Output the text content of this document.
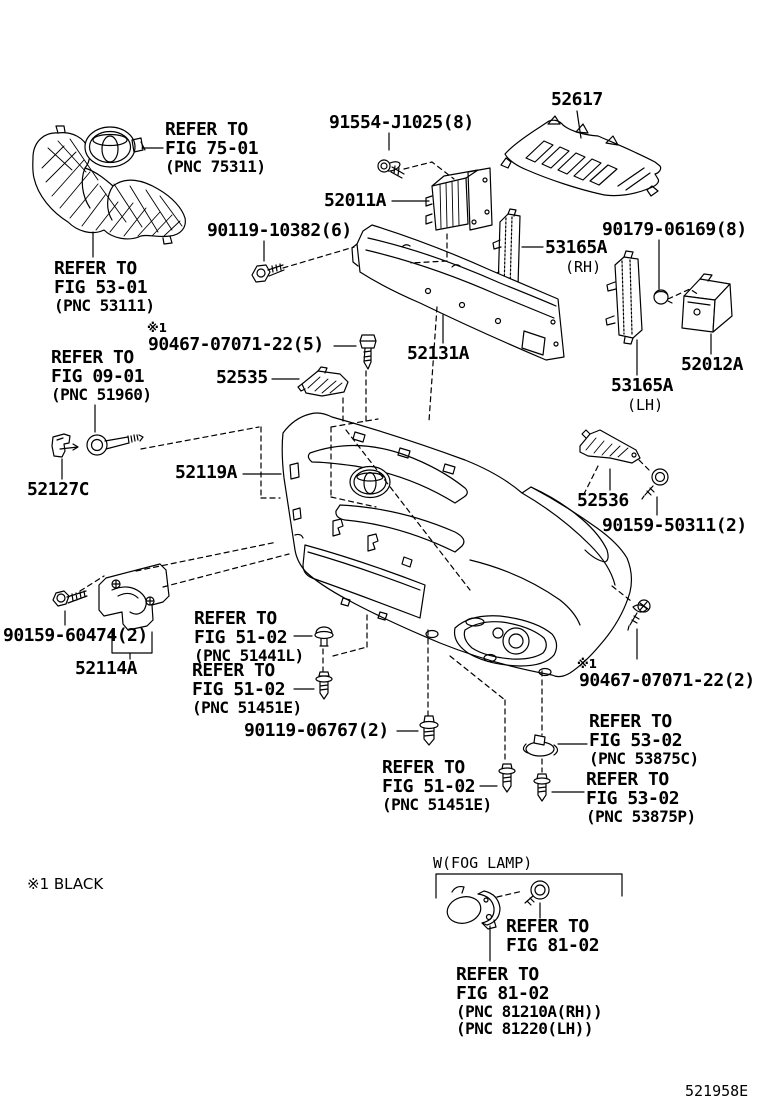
REFER TO
FIG 75-01
(PNC 75311)
91554-J1025(8)
52617
52011A
90119-10382(6)
53165A
(RH)
90179-06169(8)
REFER TO
FIG 53-01
(PNC 53111)
52131A
※1
90467-07071-22(5)
52535
REFER TO
FIG 09-01
(PNC 51960)	53165A
(LH)
52012A
52127C
52119A
52536
90159-50311(2)
90159-60474(2)
52114A
REFER TO
FIG 51-02
(PNC 51441L)
REFER TO
FIG 51-02
(PNC 51451E)
90119-06767(2)
※1
90467-07071-22(2)
REFER TO
FIG 53-02
(PNC 53875C)
REFER TO
FIG 51-02
(PNC 51451E)
REFER TO
FIG 53-02
(PNC 53875P)
※1 BLACK
W(FOG LAMP)
REFER TO
FIG 81-02
REFER TO
FIG 81-02
(PNC 81210A(RH))
(PNC 81220(LH))
521958E
